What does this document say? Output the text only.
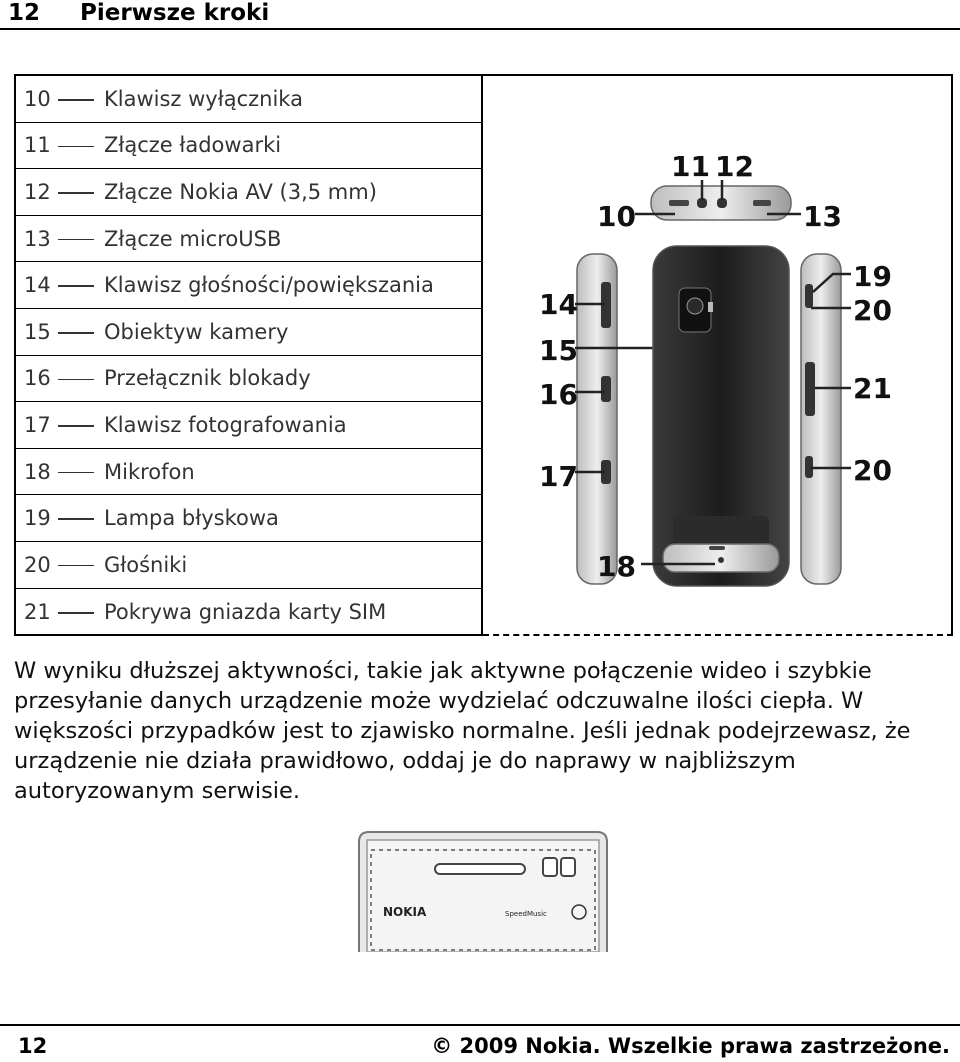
12 Pierwsze kroki
10	Klawisz wyłącznika
11	Złącze ładowarki
12	Złącze Nokia AV (3,5 mm)
13	Złącze microUSB
14	Klawisz głośności/powiększania
15	Obiektyw kamery
16	Przełącznik blokady
17	Klawisz fotografowania
18	Mikrofon
19	Lampa błyskowa
20	Głośniki
21	Pokrywa gniazda karty SIM
11 12
10	13
14
15
16
17
18
19
20
21
20
W wyniku dłuższej aktywności, takie jak aktywne połączenie wideo i szybkie
przesyłanie danych urządzenie może wydzielać odczuwalne ilości ciepła. W
większości przypadków jest to zjawisko normalne. Jeśli jednak podejrzewasz, że
urządzenie nie działa prawidłowo, oddaj je do naprawy w najbliższym
autoryzowanym serwisie.
NOKIA	SpeedMusic
12	© 2009 Nokia. Wszelkie prawa zastrzeżone.
